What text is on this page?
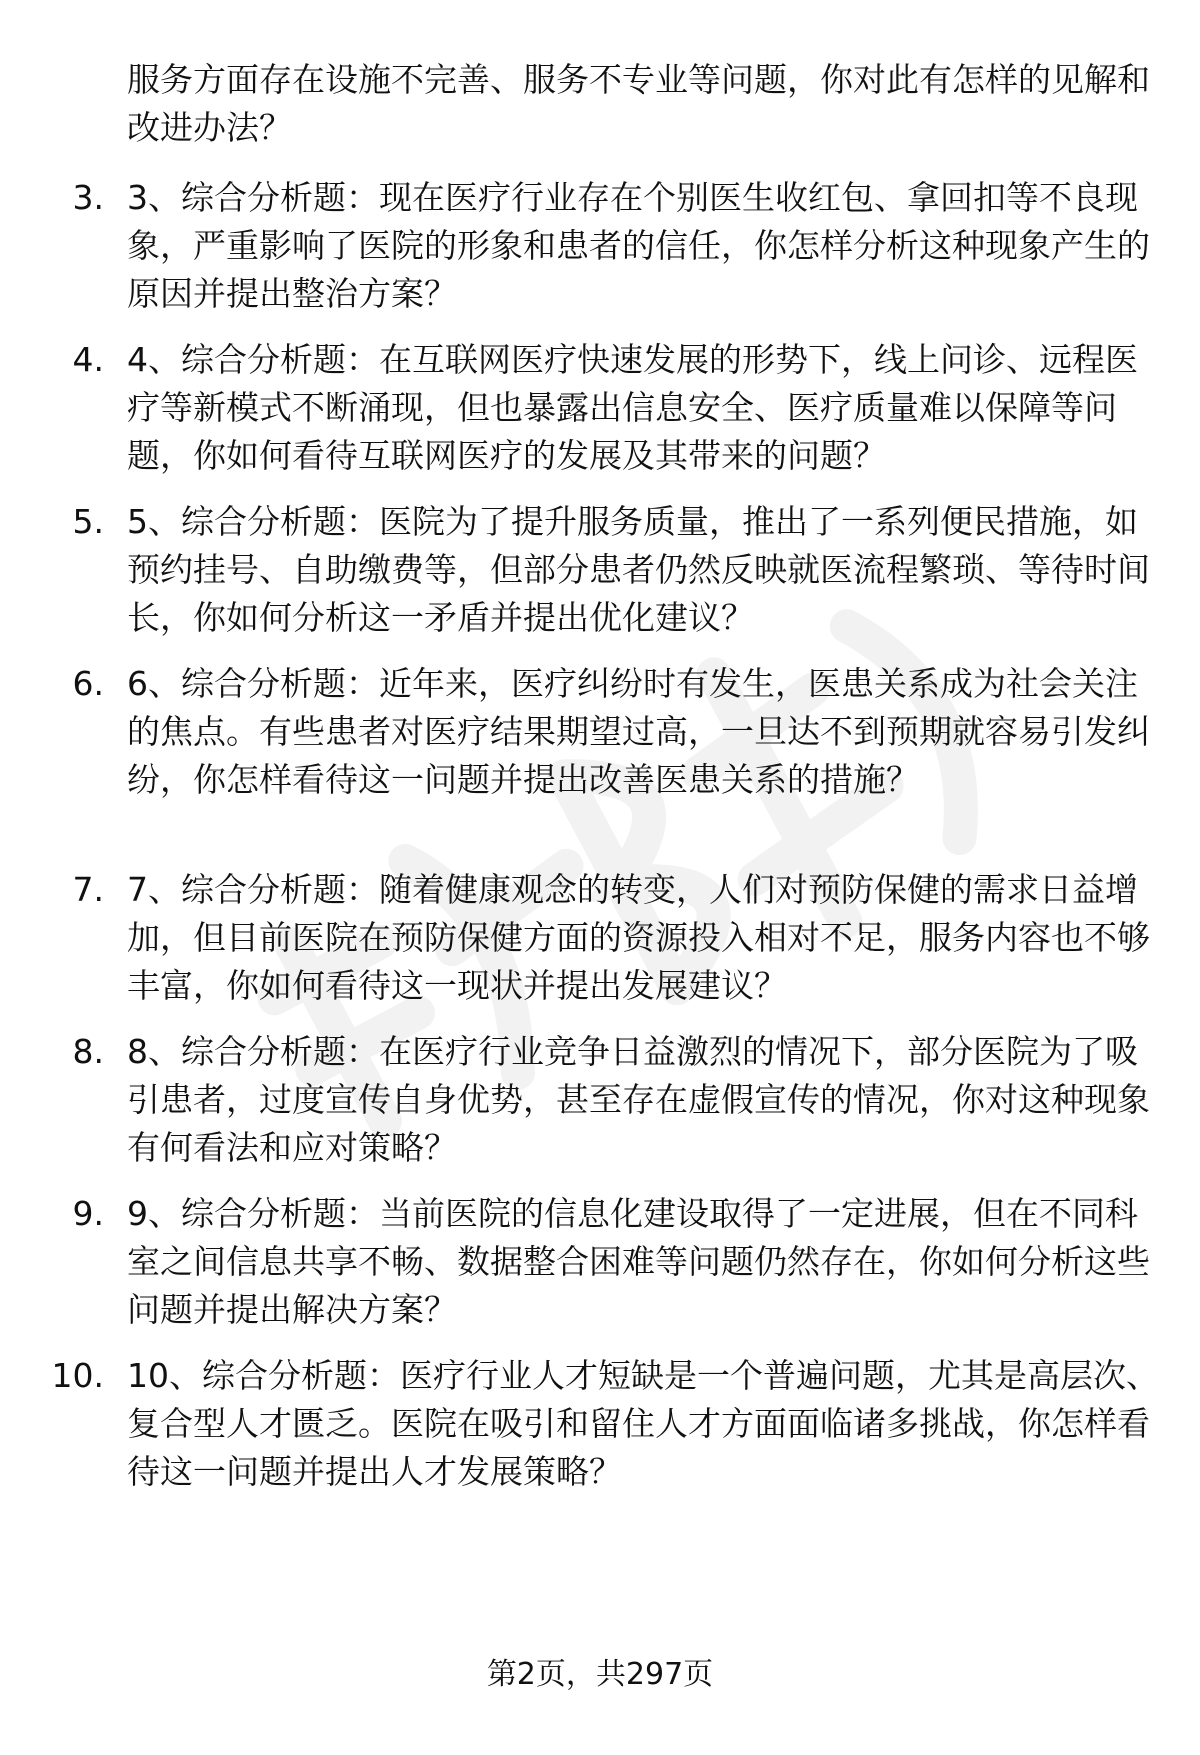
服务方面存在设施不完善、服务不专业等问题，你对此有怎样的见解和改进办法？

3. 3、综合分析题：现在医疗行业存在个别医生收红包、拿回扣等不良现象，严重影响了医院的形象和患者的信任，你怎样分析这种现象产生的原因并提出整治方案？

4. 4、综合分析题：在互联网医疗快速发展的形势下，线上问诊、远程医疗等新模式不断涌现，但也暴露出信息安全、医疗质量难以保障等问题，你如何看待互联网医疗的发展及其带来的问题？

5. 5、综合分析题：医院为了提升服务质量，推出了一系列便民措施，如预约挂号、自助缴费等，但部分患者仍然反映就医流程繁琐、等待时间长，你如何分析这一矛盾并提出优化建议？

6. 6、综合分析题：近年来，医疗纠纷时有发生，医患关系成为社会关注的焦点。有些患者对医疗结果期望过高，一旦达不到预期就容易引发纠纷，你怎样看待这一问题并提出改善医患关系的措施？

7. 7、综合分析题：随着健康观念的转变，人们对预防保健的需求日益增加，但目前医院在预防保健方面的资源投入相对不足，服务内容也不够丰富，你如何看待这一现状并提出发展建议？

8. 8、综合分析题：在医疗行业竞争日益激烈的情况下，部分医院为了吸引患者，过度宣传自身优势，甚至存在虚假宣传的情况，你对这种现象有何看法和应对策略？

9. 9、综合分析题：当前医院的信息化建设取得了一定进展，但在不同科室之间信息共享不畅、数据整合困难等问题仍然存在，你如何分析这些问题并提出解决方案？

10. 10、综合分析题：医疗行业人才短缺是一个普遍问题，尤其是高层次、复合型人才匮乏。医院在吸引和留住人才方面面临诸多挑战，你怎样看待这一问题并提出人才发展策略？

第2页，共297页
